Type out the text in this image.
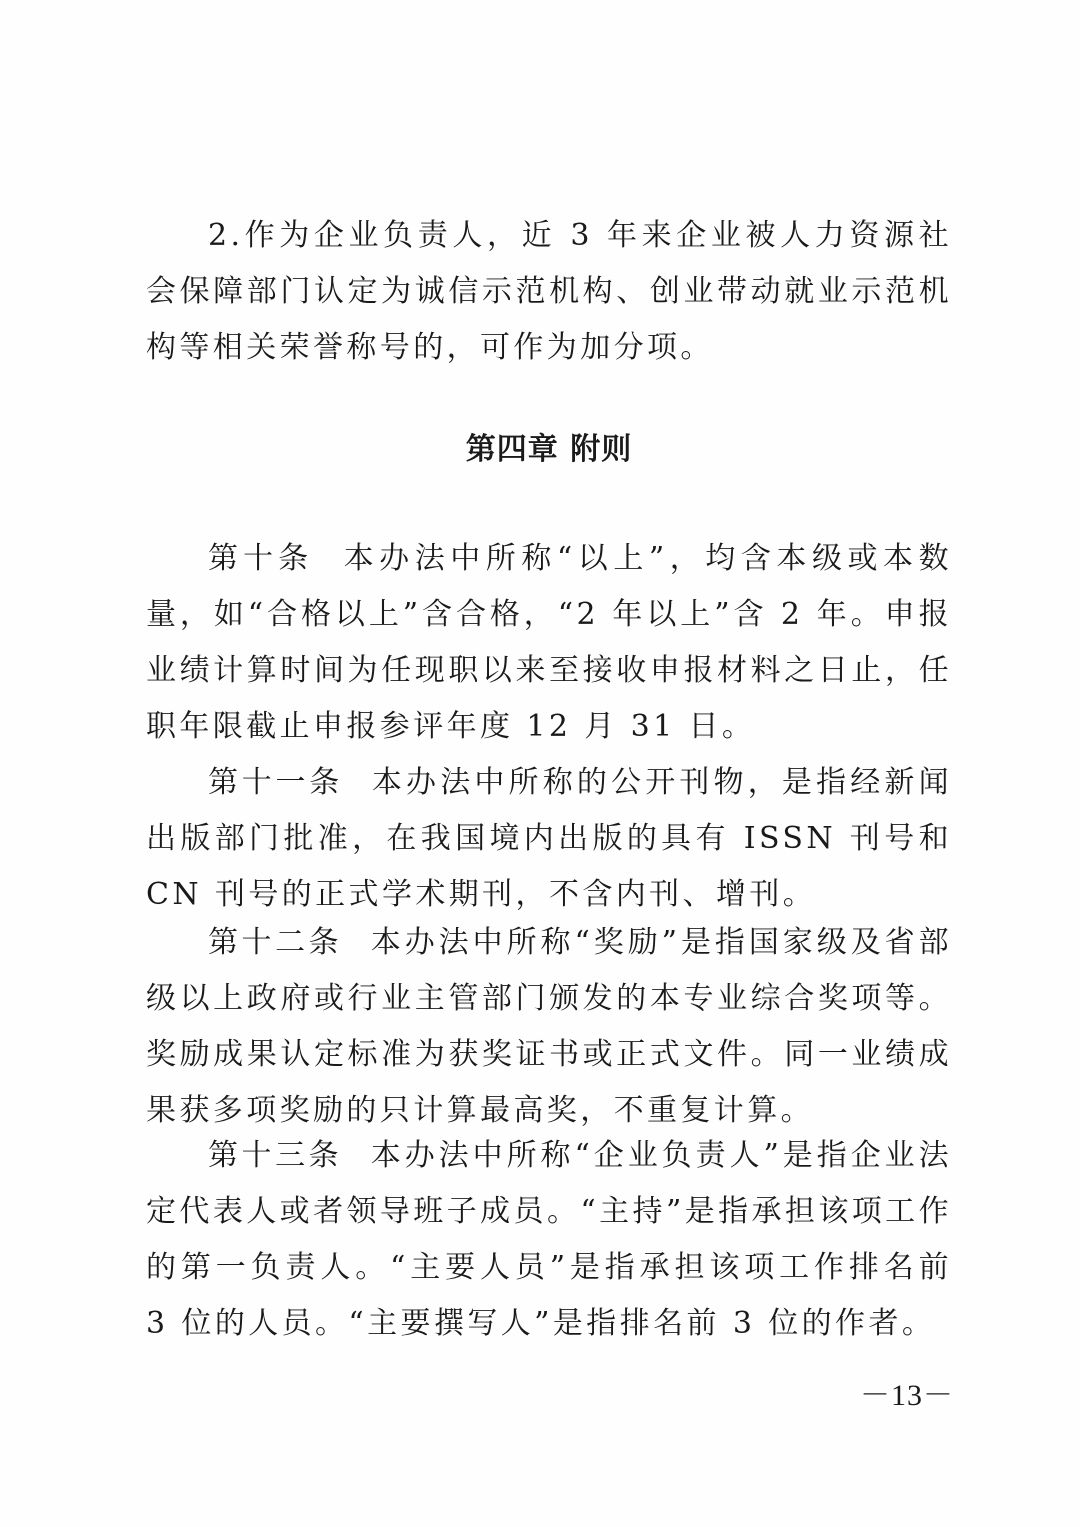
2.作为企业负责人，近 3 年来企业被人力资源社会保障部门认定为诚信示范机构、创业带动就业示范机构等相关荣誉称号的，可作为加分项。

第四章 附则

第十条 本办法中所称“以上”，均含本级或本数量，如“合格以上”含合格，“2 年以上”含 2 年。申报业绩计算时间为任现职以来至接收申报材料之日止，任职年限截止申报参评年度 12 月 31 日。

第十一条 本办法中所称的公开刊物，是指经新闻出版部门批准，在我国境内出版的具有 ISSN 刊号和 CN 刊号的正式学术期刊，不含内刊、增刊。

第十二条 本办法中所称“奖励”是指国家级及省部级以上政府或行业主管部门颁发的本专业综合奖项等。奖励成果认定标准为获奖证书或正式文件。同一业绩成果获多项奖励的只计算最高奖，不重复计算。

第十三条 本办法中所称“企业负责人”是指企业法定代表人或者领导班子成员。“主持”是指承担该项工作的第一负责人。“主要人员”是指承担该项工作排名前 3 位的人员。“主要撰写人”是指排名前 3 位的作者。

－13－
